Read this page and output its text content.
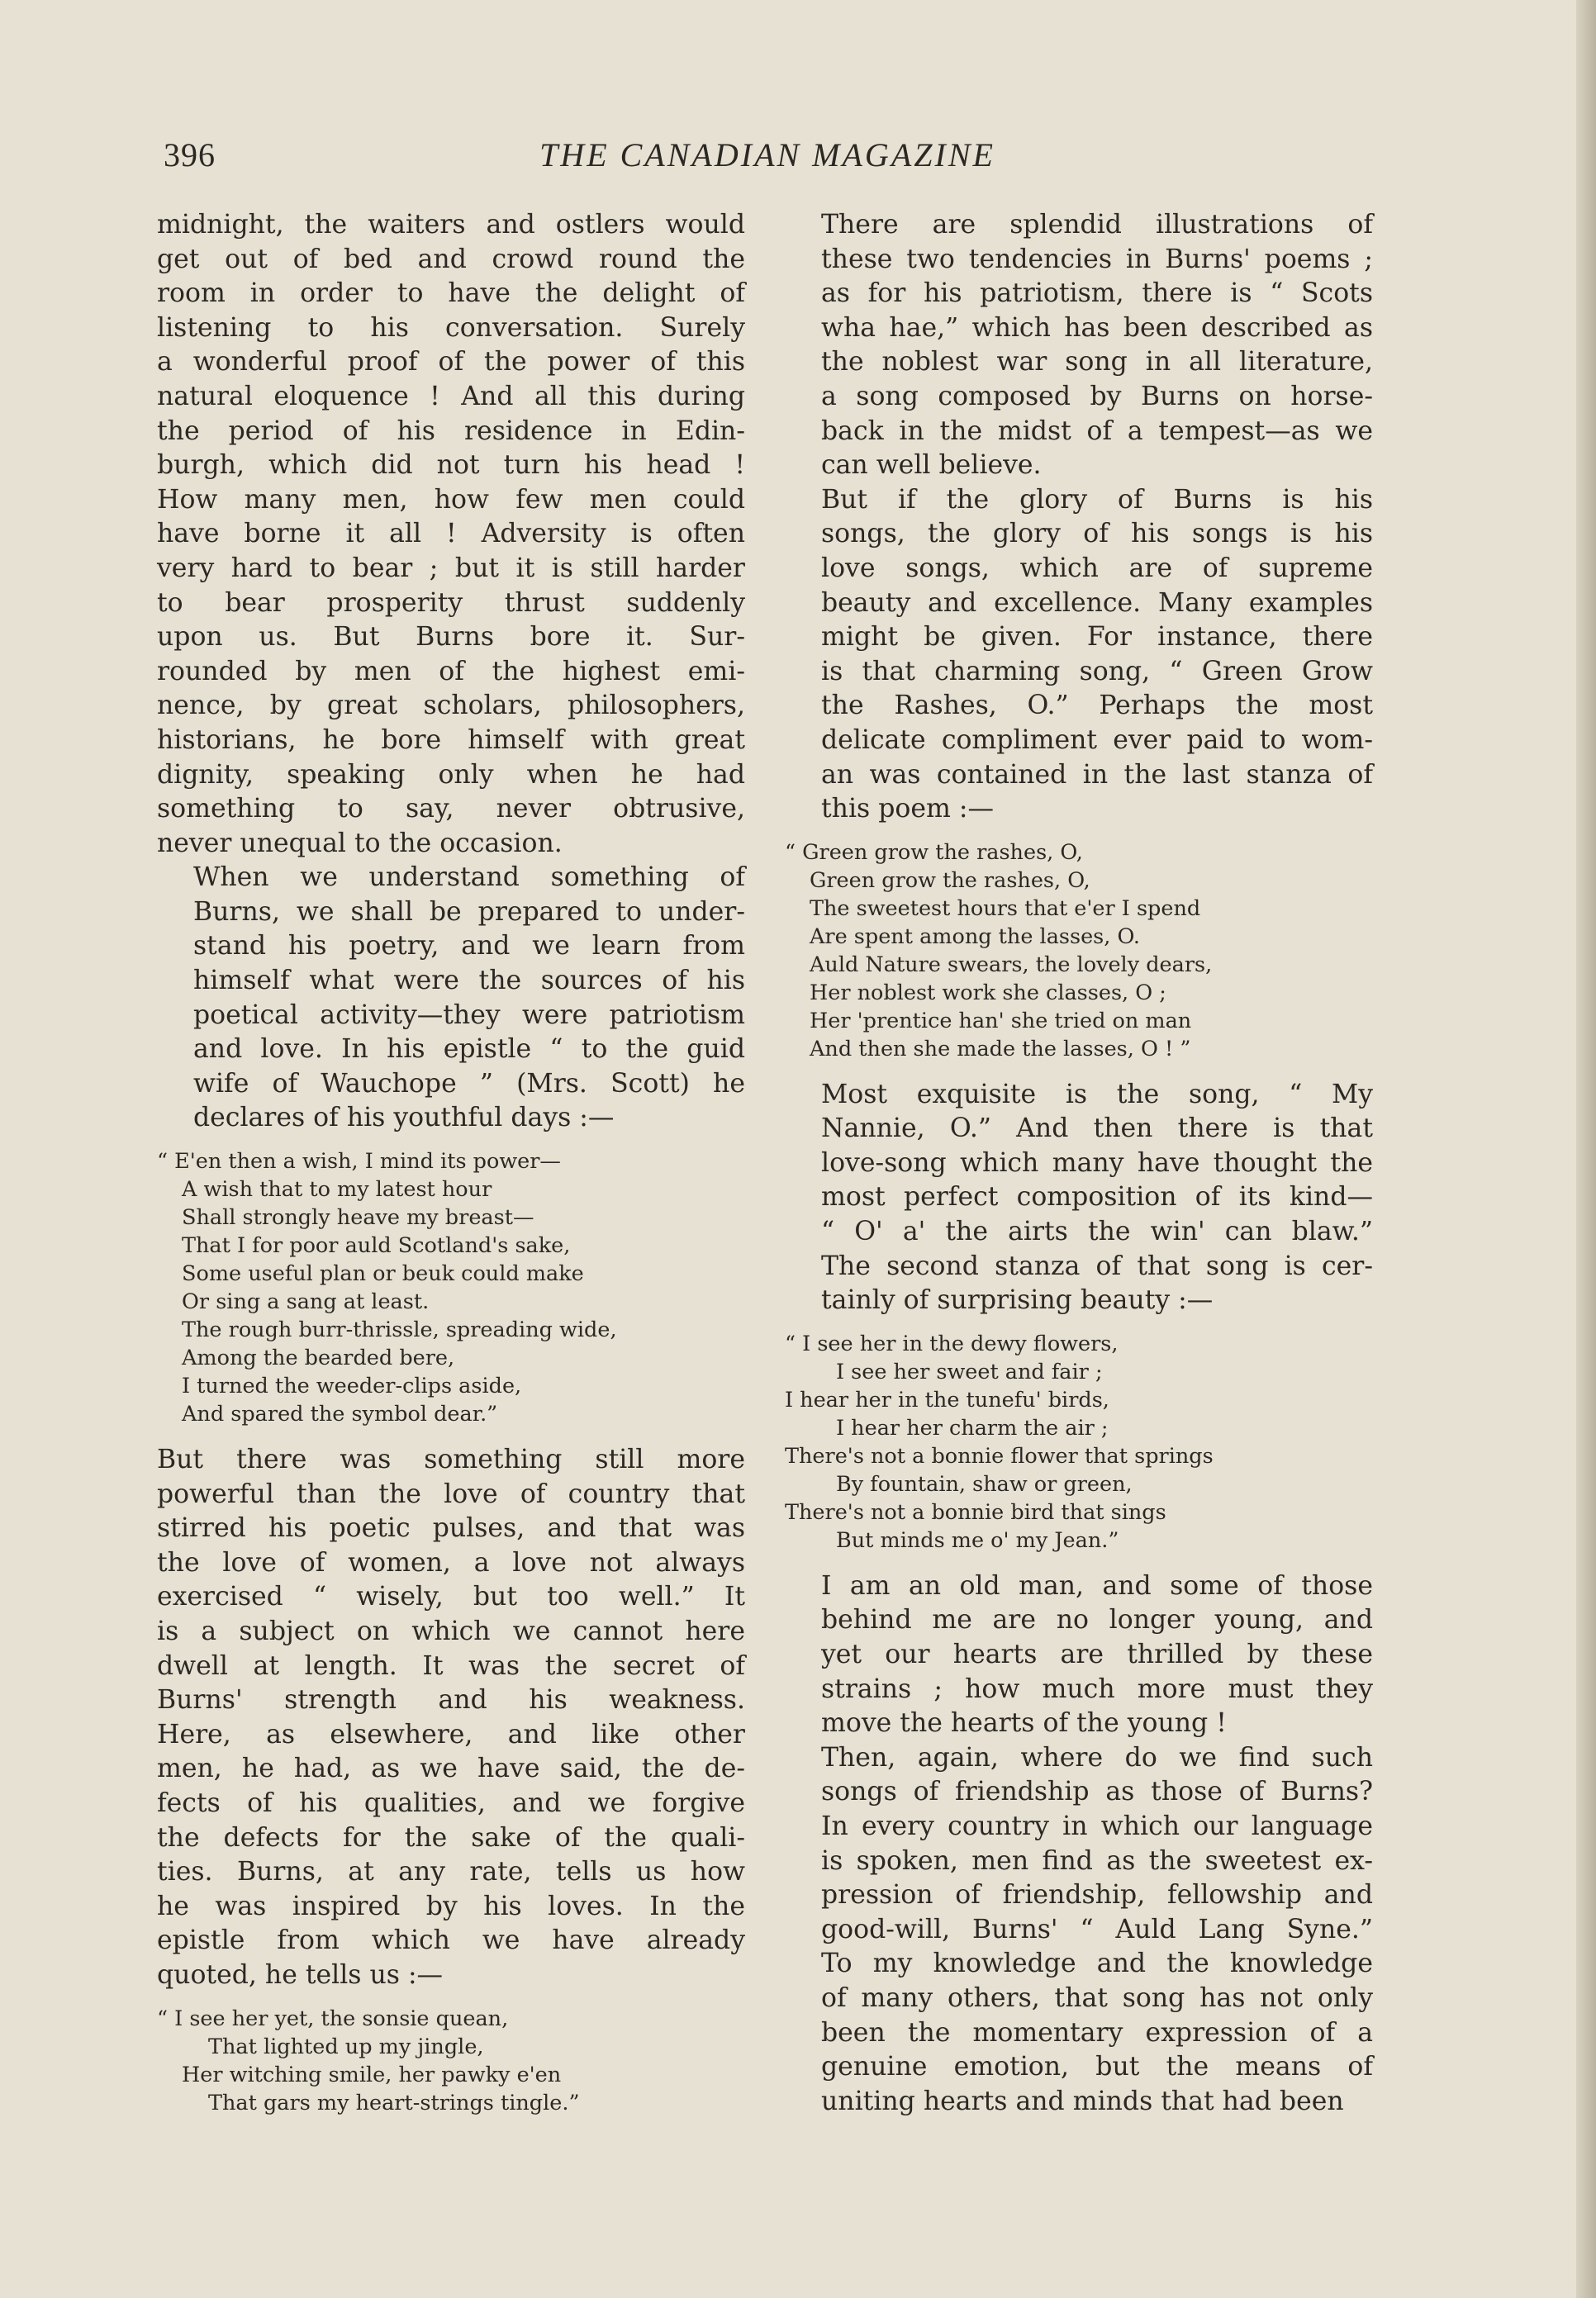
396	THE CANADIAN MAGAZINE

midnight, the waiters and ostlers would
get out of bed and crowd round the
room in order to have the delight of
listening to his conversation. Surely
a wonderful proof of the power of this
natural eloquence ! And all this during
the period of his residence in Edin-
burgh, which did not turn his head !
How many men, how few men could
have borne it all ! Adversity is often
very hard to bear ; but it is still harder
to bear prosperity thrust suddenly
upon us. But Burns bore it. Sur-
rounded by men of the highest emi-
nence, by great scholars, philosophers,
historians, he bore himself with great
dignity, speaking only when he had
something to say, never obtrusive,
never unequal to the occasion.

When we understand something of
Burns, we shall be prepared to under-
stand his poetry, and we learn from
himself what were the sources of his
poetical activity—they were patriotism
and love. In his epistle “ to the guid
wife of Wauchope ” (Mrs. Scott) he
declares of his youthful days :—

“ E'en then a wish, I mind its power—
A wish that to my latest hour
Shall strongly heave my breast—
That I for poor auld Scotland's sake,
Some useful plan or beuk could make
Or sing a sang at least.
The rough burr-thrissle, spreading wide,
Among the bearded bere,
I turned the weeder-clips aside,
And spared the symbol dear.”

But there was something still more
powerful than the love of country that
stirred his poetic pulses, and that was
the love of women, a love not always
exercised “ wisely, but too well.” It
is a subject on which we cannot here
dwell at length. It was the secret of
Burns' strength and his weakness.
Here, as elsewhere, and like other
men, he had, as we have said, the de-
fects of his qualities, and we forgive
the defects for the sake of the quali-
ties. Burns, at any rate, tells us how
he was inspired by his loves. In the
epistle from which we have already
quoted, he tells us :—

“ I see her yet, the sonsie quean,
That lighted up my jingle,
Her witching smile, her pawky e'en
That gars my heart-strings tingle.”

There are splendid illustrations of
these two tendencies in Burns' poems ;
as for his patriotism, there is “ Scots
wha hae,” which has been described as
the noblest war song in all literature,
a song composed by Burns on horse-
back in the midst of a tempest—as we
can well believe.

But if the glory of Burns is his
songs, the glory of his songs is his
love songs, which are of supreme
beauty and excellence. Many examples
might be given. For instance, there
is that charming song, “ Green Grow
the Rashes, O.” Perhaps the most
delicate compliment ever paid to wom-
an was contained in the last stanza of
this poem :—

“ Green grow the rashes, O,
Green grow the rashes, O,
The sweetest hours that e'er I spend
Are spent among the lasses, O.
Auld Nature swears, the lovely dears,
Her noblest work she classes, O ;
Her 'prentice han' she tried on man
And then she made the lasses, O ! ”

Most exquisite is the song, “ My
Nannie, O.” And then there is that
love-song which many have thought the
most perfect composition of its kind—
“ O' a' the airts the win' can blaw.”
The second stanza of that song is cer-
tainly of surprising beauty :—

“ I see her in the dewy flowers,
I see her sweet and fair ;
I hear her in the tunefu' birds,
I hear her charm the air ;
There's not a bonnie flower that springs
By fountain, shaw or green,
There's not a bonnie bird that sings
But minds me o' my Jean.”

I am an old man, and some of those
behind me are no longer young, and
yet our hearts are thrilled by these
strains ; how much more must they
move the hearts of the young !

Then, again, where do we find such
songs of friendship as those of Burns?
In every country in which our language
is spoken, men find as the sweetest ex-
pression of friendship, fellowship and
good-will, Burns' “ Auld Lang Syne.”
To my knowledge and the knowledge
of many others, that song has not only
been the momentary expression of a
genuine emotion, but the means of
uniting hearts and minds that had been
